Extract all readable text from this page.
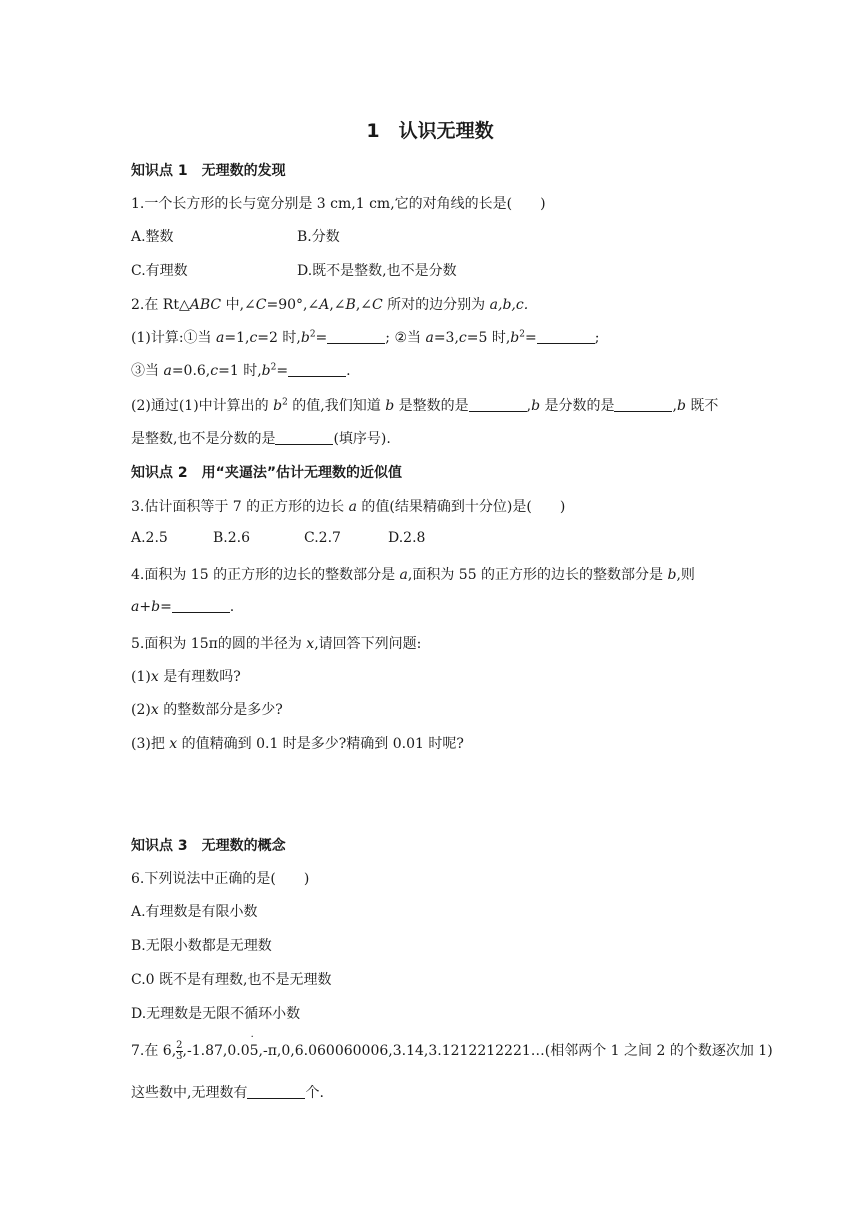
1　认识无理数
知识点 1　无理数的发现
1.一个长方形的长与宽分别是 3 cm,1 cm,它的对角线的长是(　　)
A.整数	B.分数
C.有理数	D.既不是整数,也不是分数
2.在 Rt△ABC 中,∠C=90°,∠A,∠B,∠C 所对的边分别为 a,b,c.
(1)计算:①当 a=1,c=2 时$,b^2=$	; ②当 a=3,c=5 时$,b^2=$	;
③当 a=0.6,c=1 时$,b^2=$	.
(2)通过(1)中计算出的 $b^2$ 的值,我们知道 b 是整数的是	,b 是分数的是	,b 既不
是整数,也不是分数的是	(填序号).
知识点 2　用“夹逼法”估计无理数的近似值
3.估计面积等于 7 的正方形的边长 a 的值(结果精确到十分位)是(　　)
A.2.5	B.2.6	C.2.7	D.2.8
4.面积为 15 的正方形的边长的整数部分是 a,面积为 55 的正方形的边长的整数部分是 b,则
a+b=	.
5.面积为 15π的圆的半径为 x,请回答下列问题:
(1)x 是有理数吗?
(2)x 的整数部分是多少?
(3)把 x 的值精确到 0.1 时是多少?精确到 0.01 时呢?
知识点 3　无理数的概念
6.下列说法中正确的是(　　)
A.有理数是有限小数
B.无限小数都是无理数
C.0 既不是有理数,也不是无理数
D.无理数是无限不循环小数
7.在 6, $\frac{2}{3} ,-1.87,0.0\cdot$ 5,-π,0,6.060060006,3.14,3.1212212221…(相邻两个 1 之间 2 的个数逐次加 1)
这些数中,无理数有	个.
